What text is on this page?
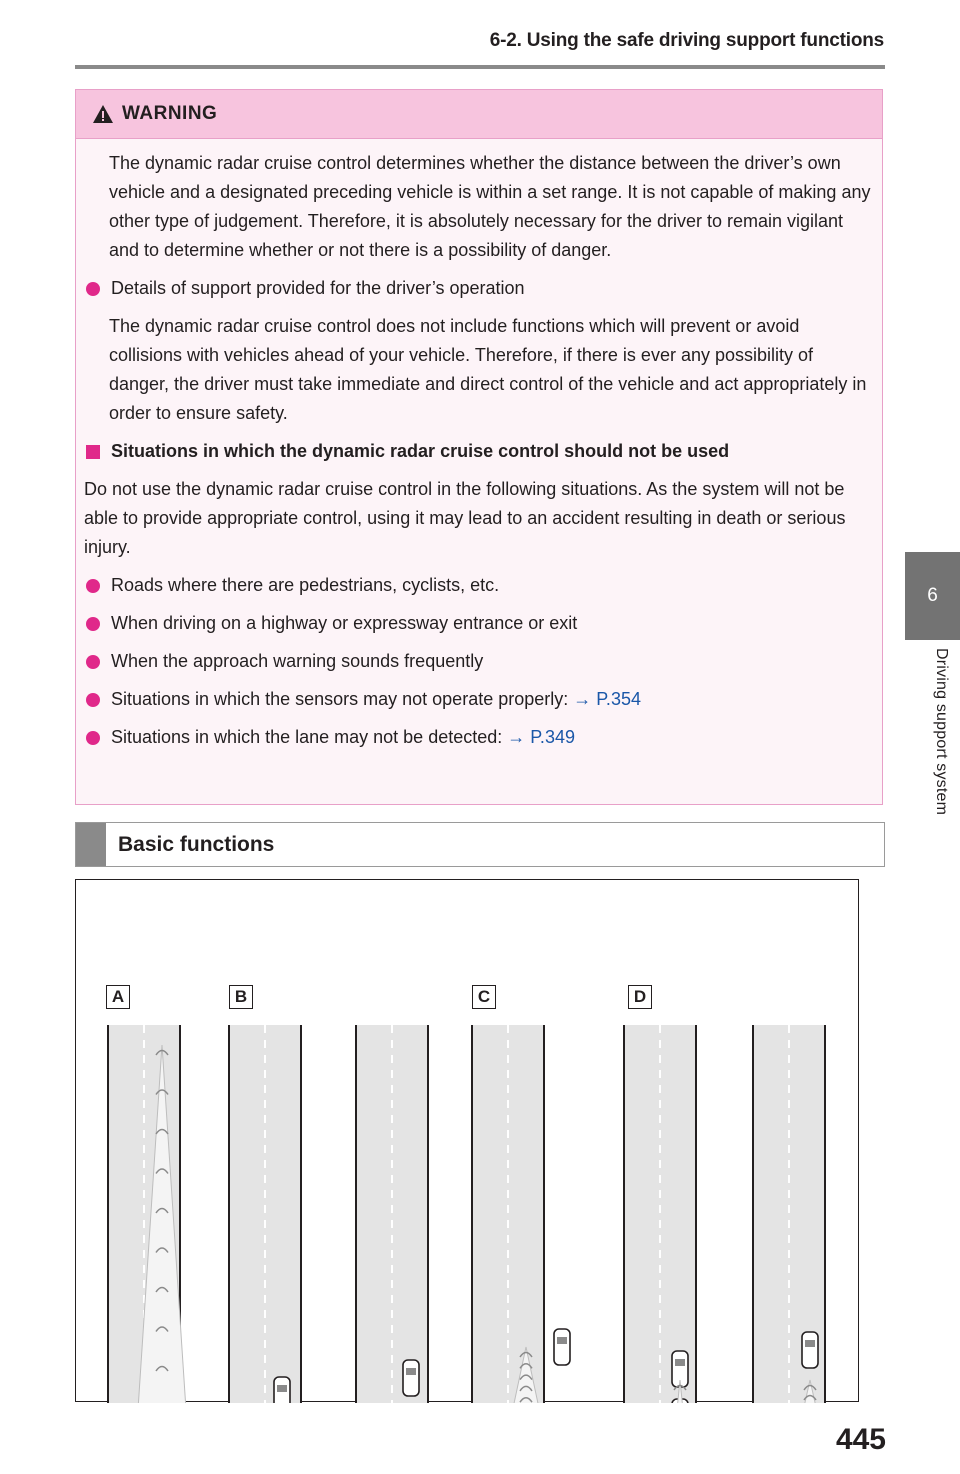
6-2. Using the safe driving support functions
6
Driving support system
WARNING

The dynamic radar cruise control determines whether the distance between the driver’s own vehicle and a designated preceding vehicle is within a set range. It is not capable of making any other type of judgement. Therefore, it is absolutely necessary for the driver to remain vigilant and to determine whether or not there is a possibility of danger.

Details of support provided for the driver’s operation

The dynamic radar cruise control does not include functions which will prevent or avoid collisions with vehicles ahead of your vehicle. Therefore, if there is ever any possibility of danger, the driver must take immediate and direct control of the vehicle and act appropriately in order to ensure safety.

Situations in which the dynamic radar cruise control should not be used

Do not use the dynamic radar cruise control in the following situations. As the system will not be able to provide appropriate control, using it may lead to an accident resulting in death or serious injury.

Roads where there are pedestrians, cyclists, etc.
When driving on a highway or expressway entrance or exit
When the approach warning sounds frequently
Situations in which the sensors may not operate properly: → P.354
Situations in which the lane may not be detected: → P.349
Basic functions
A	B	C	D
445
